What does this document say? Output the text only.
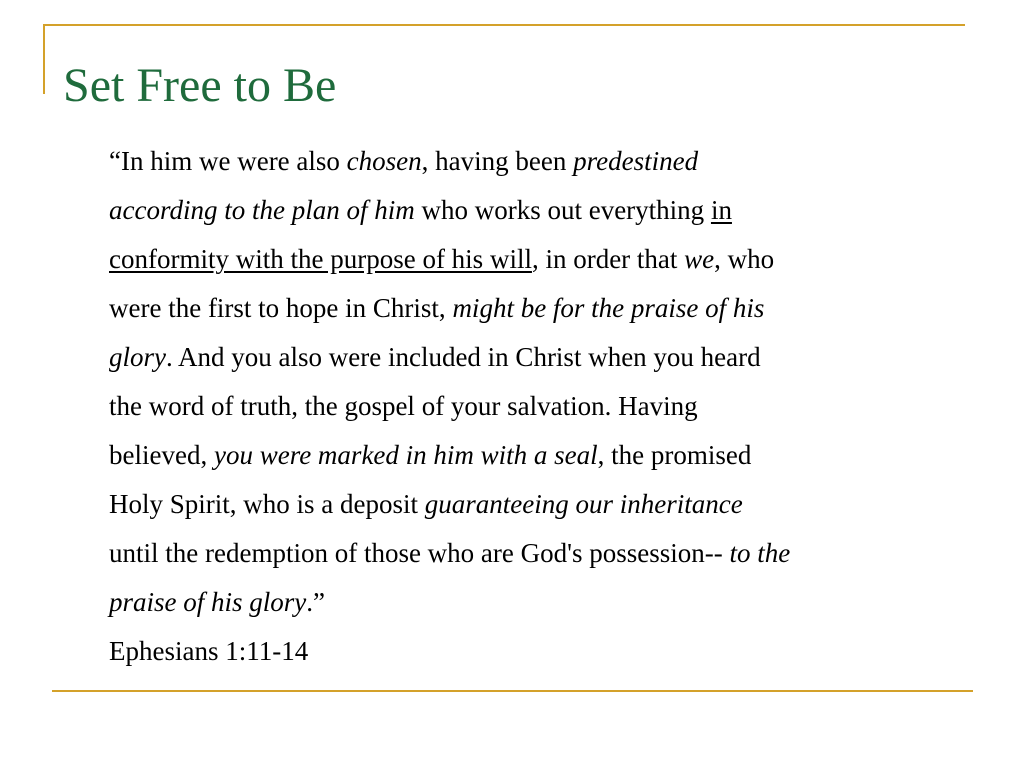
Set Free to Be
“In him we were also chosen, having been predestined
according to the plan of him who works out everything in
conformity with the purpose of his will, in order that we, who
were the first to hope in Christ, might be for the praise of his
glory. And you also were included in Christ when you heard
the word of truth, the gospel of your salvation. Having
believed, you were marked in him with a seal, the promised
Holy Spirit, who is a deposit guaranteeing our inheritance
until the redemption of those who are God's possession-- to the
praise of his glory.”
Ephesians 1:11-14
